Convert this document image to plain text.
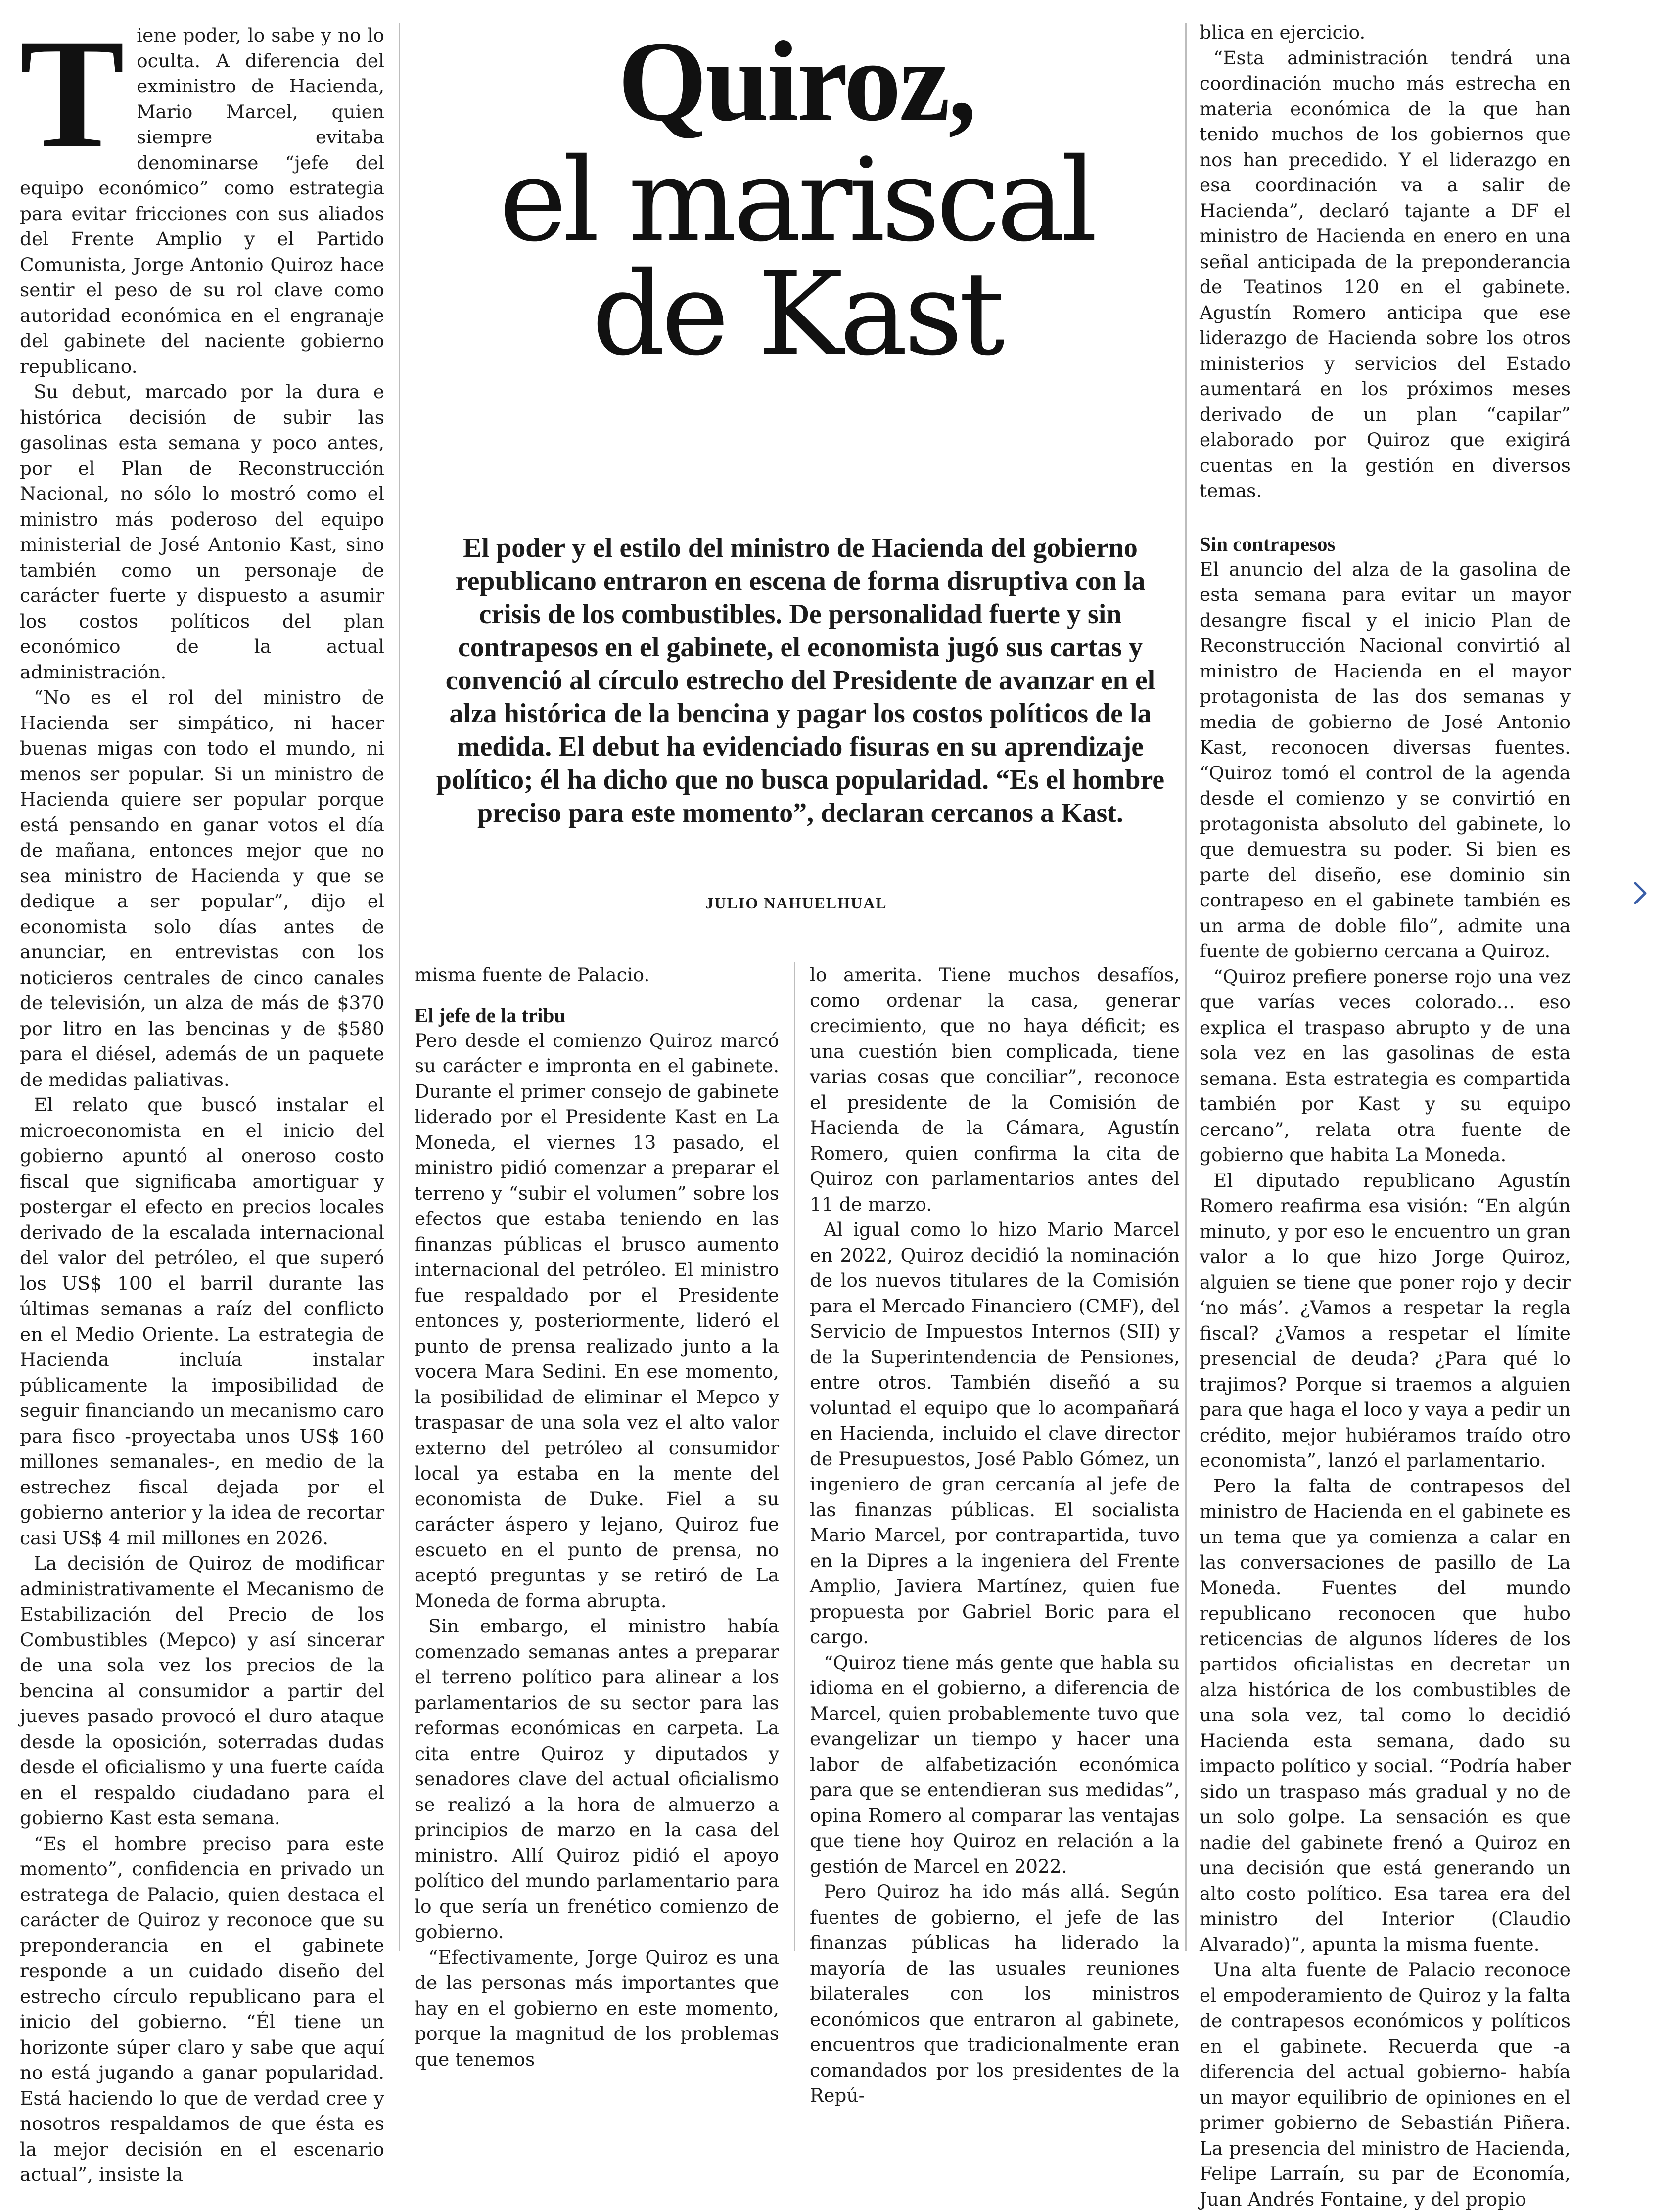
Quiroz,
el mariscal
de Kast

El poder y el estilo del ministro de Hacienda del gobierno republicano entraron en escena de forma disruptiva con la crisis de los combustibles. De personalidad fuerte y sin contrapesos en el gabinete, el economista jugó sus cartas y convenció al círculo estrecho del Presidente de avanzar en el alza histórica de la bencina y pagar los costos políticos de la medida. El debut ha evidenciado fisuras en su aprendizaje político; él ha dicho que no busca popularidad. “Es el hombre preciso para este momento”, declaran cercanos a Kast.

JULIO NAHUELHUAL

Tiene poder, lo sabe y no lo oculta. A diferencia del exministro de Hacienda, Mario Marcel, quien siempre evitaba denominarse “jefe del equipo económico” como estrategia para evitar fricciones con sus aliados del Frente Amplio y el Partido Comunista, Jorge Antonio Quiroz hace sentir el peso de su rol clave como autoridad económica en el engranaje del gabinete del naciente gobierno republicano.

Su debut, marcado por la dura e histórica decisión de subir las gasolinas esta semana y poco antes, por el Plan de Reconstrucción Nacional, no sólo lo mostró como el ministro más poderoso del equipo ministerial de José Antonio Kast, sino también como un personaje de carácter fuerte y dispuesto a asumir los costos políticos del plan económico de la actual administración.

“No es el rol del ministro de Hacienda ser simpático, ni hacer buenas migas con todo el mundo, ni menos ser popular. Si un ministro de Hacienda quiere ser popular porque está pensando en ganar votos el día de mañana, entonces mejor que no sea ministro de Hacienda y que se dedique a ser popular”, dijo el economista solo días antes de anunciar, en entrevistas con los noticieros centrales de cinco canales de televisión, un alza de más de $370 por litro en las bencinas y de $580 para el diésel, además de un paquete de medidas paliativas.

El relato que buscó instalar el microeconomista en el inicio del gobierno apuntó al oneroso costo fiscal que significaba amortiguar y postergar el efecto en precios locales derivado de la escalada internacional del valor del petróleo, el que superó los US$ 100 el barril durante las últimas semanas a raíz del conflicto en el Medio Oriente. La estrategia de Hacienda incluía instalar públicamente la imposibilidad de seguir financiando un mecanismo caro para fisco -proyectaba unos US$ 160 millones semanales-, en medio de la estrechez fiscal dejada por el gobierno anterior y la idea de recortar casi US$ 4 mil millones en 2026.

La decisión de Quiroz de modificar administrativamente el Mecanismo de Estabilización del Precio de los Combustibles (Mepco) y así sincerar de una sola vez los precios de la bencina al consumidor a partir del jueves pasado provocó el duro ataque desde la oposición, soterradas dudas desde el oficialismo y una fuerte caída en el respaldo ciudadano para el gobierno Kast esta semana.

“Es el hombre preciso para este momento”, confidencia en privado un estratega de Palacio, quien destaca el carácter de Quiroz y reconoce que su preponderancia en el gabinete responde a un cuidado diseño del estrecho círculo republicano para el inicio del gobierno. “Él tiene un horizonte súper claro y sabe que aquí no está jugando a ganar popularidad. Está haciendo lo que de verdad cree y nosotros respaldamos de que ésta es la mejor decisión en el escenario actual”, insiste la

misma fuente de Palacio.

El jefe de la tribu

Pero desde el comienzo Quiroz marcó su carácter e impronta en el gabinete. Durante el primer consejo de gabinete liderado por el Presidente Kast en La Moneda, el viernes 13 pasado, el ministro pidió comenzar a preparar el terreno y “subir el volumen” sobre los efectos que estaba teniendo en las finanzas públicas el brusco aumento internacional del petróleo. El ministro fue respaldado por el Presidente entonces y, posteriormente, lideró el punto de prensa realizado junto a la vocera Mara Sedini. En ese momento, la posibilidad de eliminar el Mepco y traspasar de una sola vez el alto valor externo del petróleo al consumidor local ya estaba en la mente del economista de Duke. Fiel a su carácter áspero y lejano, Quiroz fue escueto en el punto de prensa, no aceptó preguntas y se retiró de La Moneda de forma abrupta.

Sin embargo, el ministro había comenzado semanas antes a preparar el terreno político para alinear a los parlamentarios de su sector para las reformas económicas en carpeta. La cita entre Quiroz y diputados y senadores clave del actual oficialismo se realizó a la hora de almuerzo a principios de marzo en la casa del ministro. Allí Quiroz pidió el apoyo político del mundo parlamentario para lo que sería un frenético comienzo de gobierno.

“Efectivamente, Jorge Quiroz es una de las personas más importantes que hay en el gobierno en este momento, porque la magnitud de los problemas que tenemos

lo amerita. Tiene muchos desafíos, como ordenar la casa, generar crecimiento, que no haya déficit; es una cuestión bien complicada, tiene varias cosas que conciliar”, reconoce el presidente de la Comisión de Hacienda de la Cámara, Agustín Romero, quien confirma la cita de Quiroz con parlamentarios antes del 11 de marzo.

Al igual como lo hizo Mario Marcel en 2022, Quiroz decidió la nominación de los nuevos titulares de la Comisión para el Mercado Financiero (CMF), del Servicio de Impuestos Internos (SII) y de la Superintendencia de Pensiones, entre otros. También diseñó a su voluntad el equipo que lo acompañará en Hacienda, incluido el clave director de Presupuestos, José Pablo Gómez, un ingeniero de gran cercanía al jefe de las finanzas públicas. El socialista Mario Marcel, por contrapartida, tuvo en la Dipres a la ingeniera del Frente Amplio, Javiera Martínez, quien fue propuesta por Gabriel Boric para el cargo.

“Quiroz tiene más gente que habla su idioma en el gobierno, a diferencia de Marcel, quien probablemente tuvo que evangelizar un tiempo y hacer una labor de alfabetización económica para que se entendieran sus medidas”, opina Romero al comparar las ventajas que tiene hoy Quiroz en relación a la gestión de Marcel en 2022.

Pero Quiroz ha ido más allá. Según fuentes de gobierno, el jefe de las finanzas públicas ha liderado la mayoría de las usuales reuniones bilaterales con los ministros económicos que entraron al gabinete, encuentros que tradicionalmente eran comandados por los presidentes de la Repú-

blica en ejercicio.

“Esta administración tendrá una coordinación mucho más estrecha en materia económica de la que han tenido muchos de los gobiernos que nos han precedido. Y el liderazgo en esa coordinación va a salir de Hacienda”, declaró tajante a DF el ministro de Hacienda en enero en una señal anticipada de la preponderancia de Teatinos 120 en el gabinete. Agustín Romero anticipa que ese liderazgo de Hacienda sobre los otros ministerios y servicios del Estado aumentará en los próximos meses derivado de un plan “capilar” elaborado por Quiroz que exigirá cuentas en la gestión en diversos temas.

Sin contrapesos

El anuncio del alza de la gasolina de esta semana para evitar un mayor desangre fiscal y el inicio Plan de Reconstrucción Nacional convirtió al ministro de Hacienda en el mayor protagonista de las dos semanas y media de gobierno de José Antonio Kast, reconocen diversas fuentes. “Quiroz tomó el control de la agenda desde el comienzo y se convirtió en protagonista absoluto del gabinete, lo que demuestra su poder. Si bien es parte del diseño, ese dominio sin contrapeso en el gabinete también es un arma de doble filo”, admite una fuente de gobierno cercana a Quiroz.

“Quiroz prefiere ponerse rojo una vez que varías veces colorado… eso explica el traspaso abrupto y de una sola vez en las gasolinas de esta semana. Esta estrategia es compartida también por Kast y su equipo cercano”, relata otra fuente de gobierno que habita La Moneda.

El diputado republicano Agustín Romero reafirma esa visión: “En algún minuto, y por eso le encuentro un gran valor a lo que hizo Jorge Quiroz, alguien se tiene que poner rojo y decir ‘no más’. ¿Vamos a respetar la regla fiscal? ¿Vamos a respetar el límite presencial de deuda? ¿Para qué lo trajimos? Porque si traemos a alguien para que haga el loco y vaya a pedir un crédito, mejor hubiéramos traído otro economista”, lanzó el parlamentario.

Pero la falta de contrapesos del ministro de Hacienda en el gabinete es un tema que ya comienza a calar en las conversaciones de pasillo de La Moneda. Fuentes del mundo republicano reconocen que hubo reticencias de algunos líderes de los partidos oficialistas en decretar un alza histórica de los combustibles de una sola vez, tal como lo decidió Hacienda esta semana, dado su impacto político y social. “Podría haber sido un traspaso más gradual y no de un solo golpe. La sensación es que nadie del gabinete frenó a Quiroz en una decisión que está generando un alto costo político. Esa tarea era del ministro del Interior (Claudio Alvarado)”, apunta la misma fuente.

Una alta fuente de Palacio reconoce el empoderamiento de Quiroz y la falta de contrapesos económicos y políticos en el gabinete. Recuerda que -a diferencia del actual gobierno- había un mayor equilibrio de opiniones en el primer gobierno de Sebastián Piñera. La presencia del ministro de Hacienda, Felipe Larraín, su par de Economía, Juan Andrés Fontaine, y del propio
